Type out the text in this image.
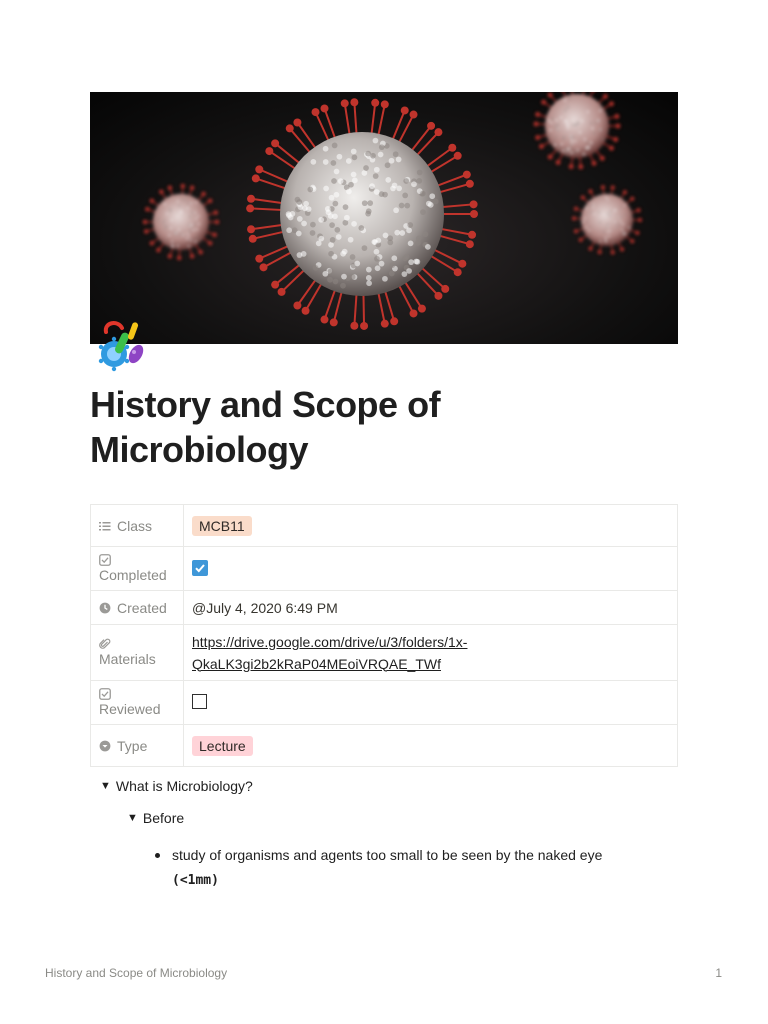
History and Scope of
Microbiology
Class	MCB11

Completed

Created	@July 4, 2020 6:49 PM

Materials	https://drive.google.com/drive/u/3/folders/1x-
QkaLK3gi2b2kRaP04MEoiVRQAE_TWf

Reviewed	

Type	Lecture
▼ What is Microbiology?
▼ Before
study of organisms and agents too small to be seen by the naked eye
(<1mm)
History and Scope of Microbiology	1
